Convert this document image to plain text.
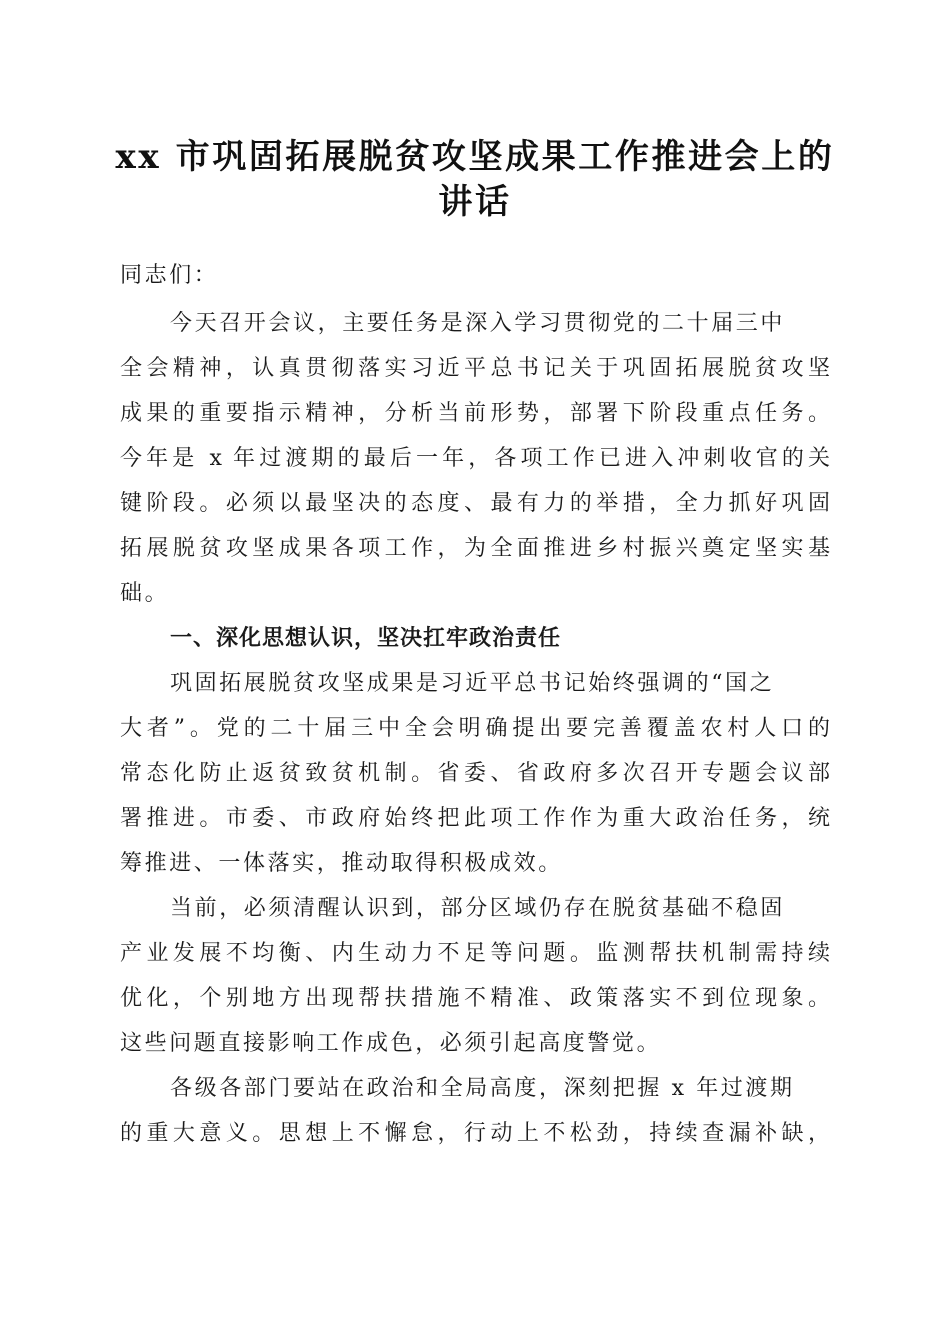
xx 市巩固拓展脱贫攻坚成果工作推进会上的
讲话
同志们：
今天召开会议，主要任务是深入学习贯彻党的二十届三中
全会精神，认真贯彻落实习近平总书记关于巩固拓展脱贫攻坚
成果的重要指示精神，分析当前形势，部署下阶段重点任务。
今年是 x 年过渡期的最后一年，各项工作已进入冲刺收官的关
键阶段。必须以最坚决的态度、最有力的举措，全力抓好巩固
拓展脱贫攻坚成果各项工作，为全面推进乡村振兴奠定坚实基
础。
一、深化思想认识，坚决扛牢政治责任
巩固拓展脱贫攻坚成果是习近平总书记始终强调的“国之
大者”。党的二十届三中全会明确提出要完善覆盖农村人口的
常态化防止返贫致贫机制。省委、省政府多次召开专题会议部
署推进。市委、市政府始终把此项工作作为重大政治任务，统
筹推进、一体落实，推动取得积极成效。
当前，必须清醒认识到，部分区域仍存在脱贫基础不稳固
产业发展不均衡、内生动力不足等问题。监测帮扶机制需持续
优化，个别地方出现帮扶措施不精准、政策落实不到位现象。
这些问题直接影响工作成色，必须引起高度警觉。
各级各部门要站在政治和全局高度，深刻把握 x 年过渡期
的重大意义。思想上不懈怠，行动上不松劲，持续查漏补缺，
